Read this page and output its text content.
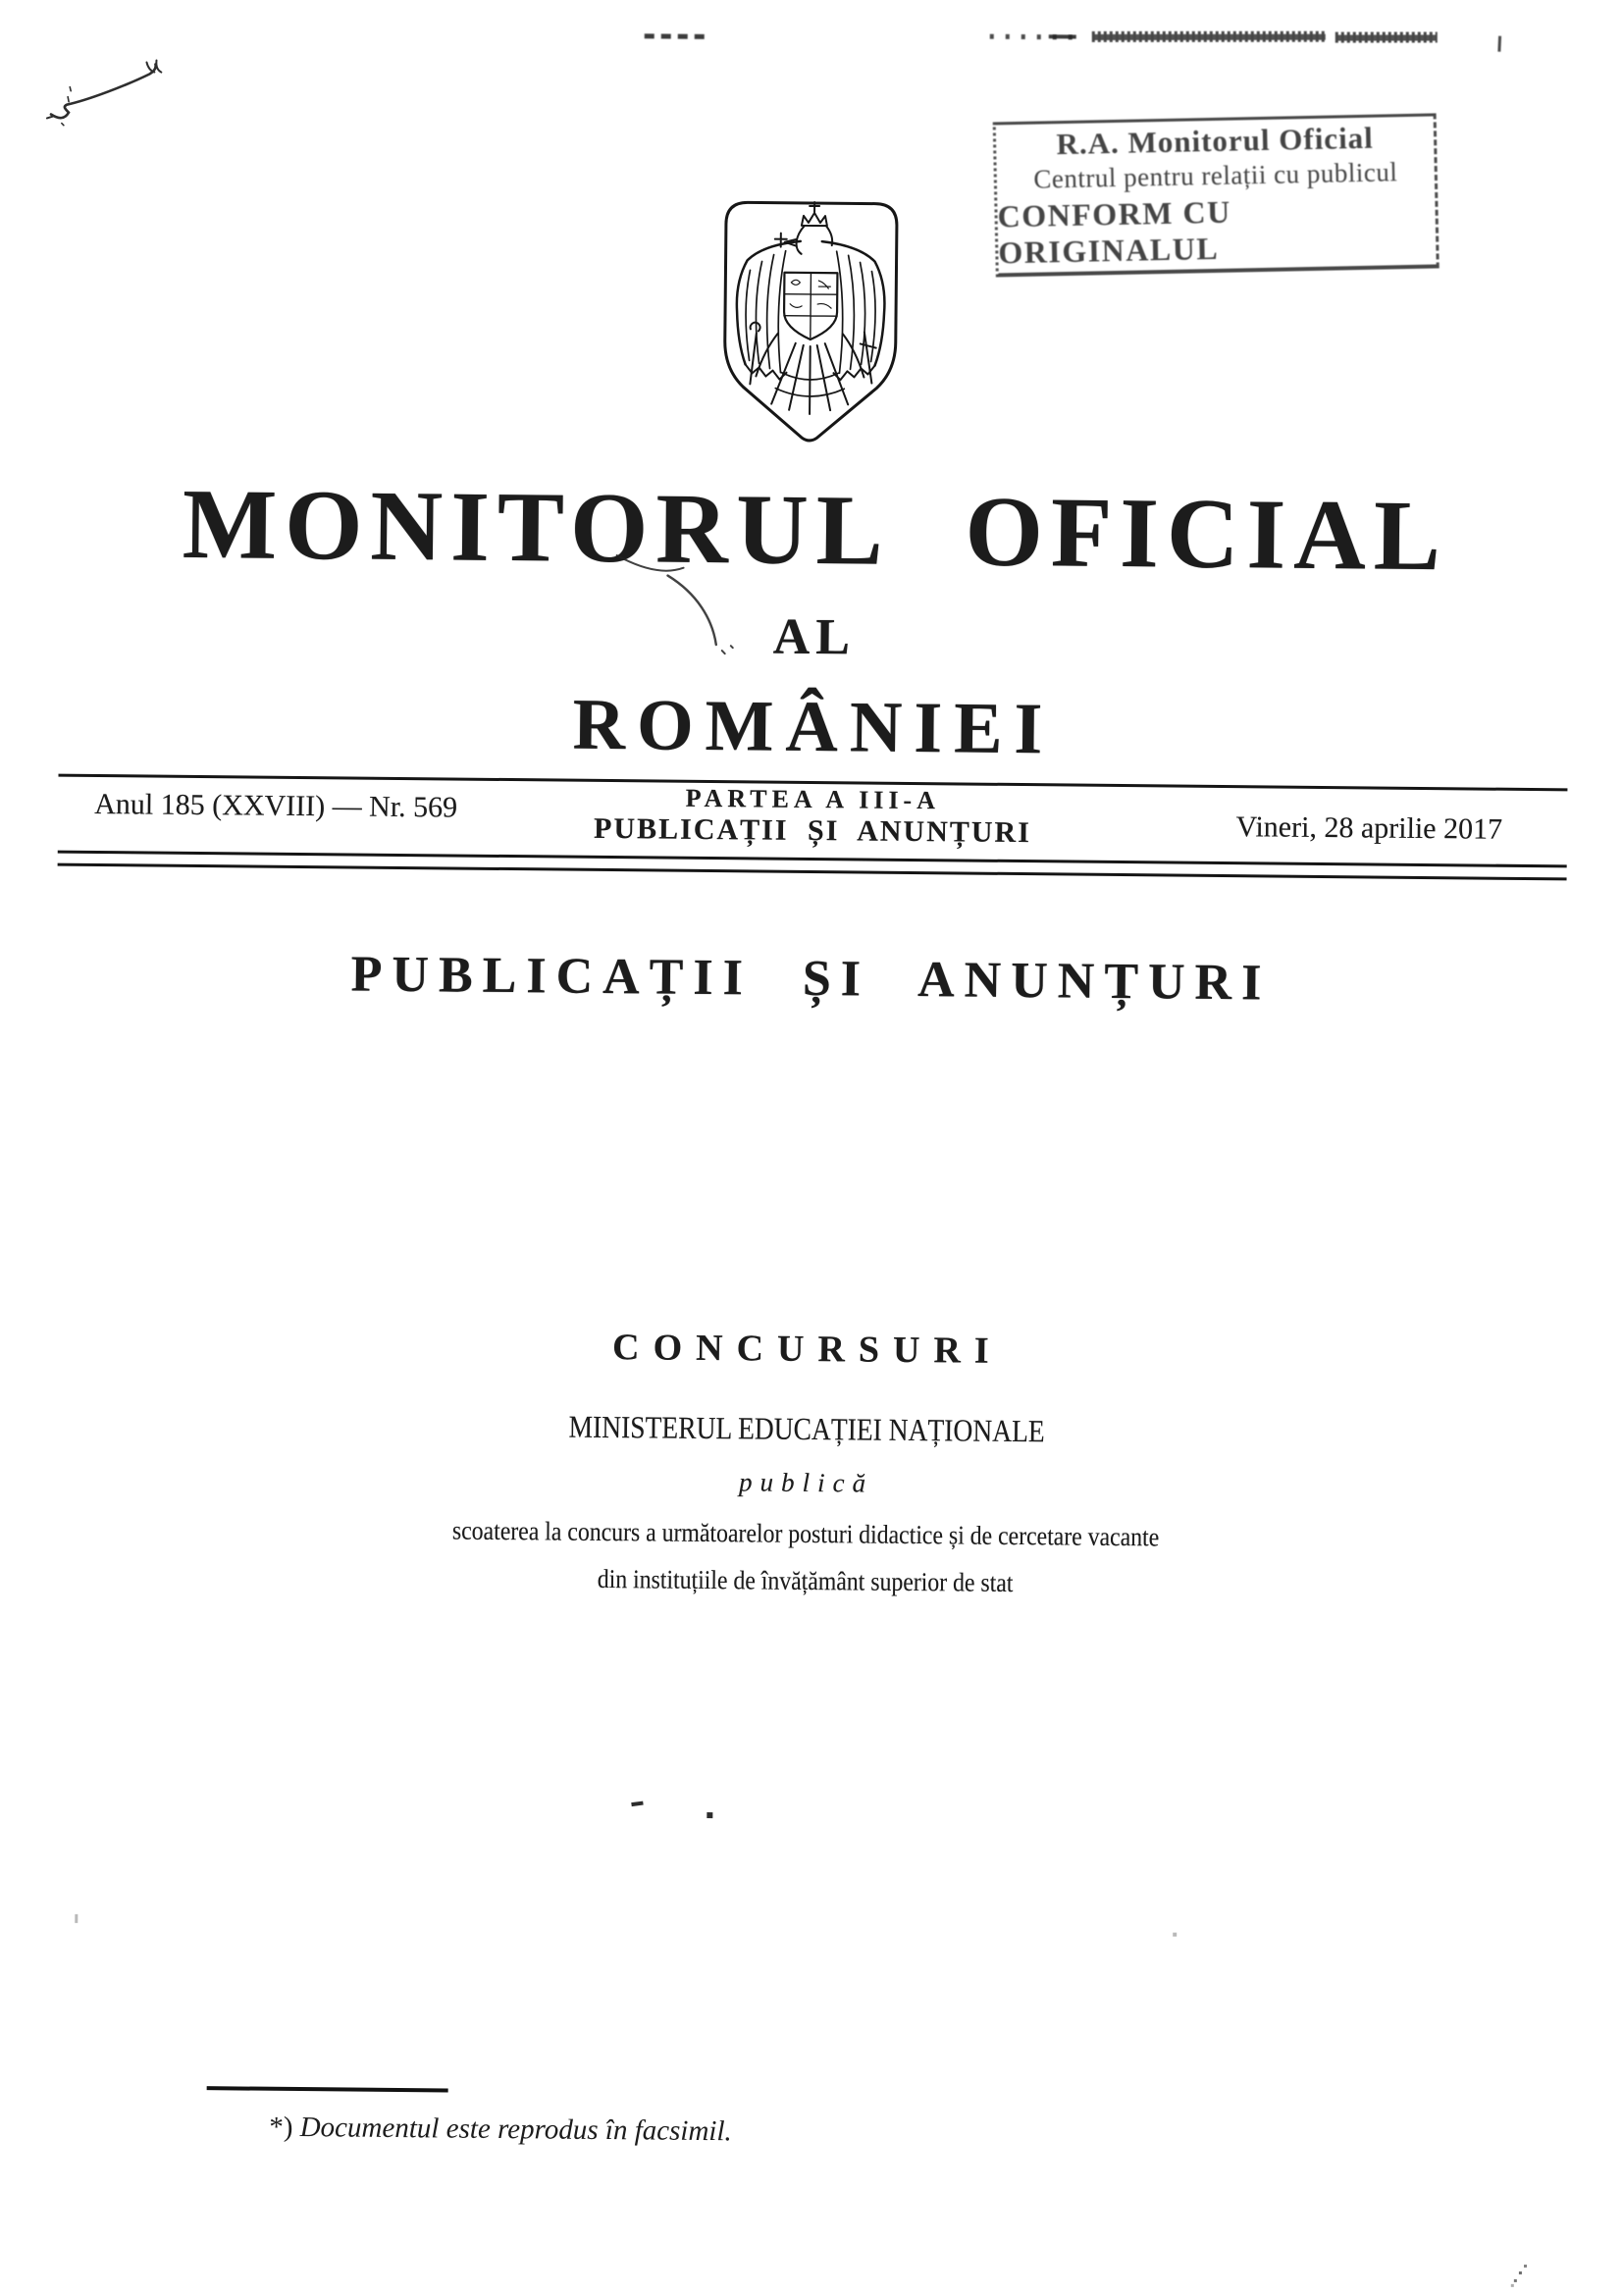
R.A. Monitorul Oficial
Centrul pentru relații cu publicul
CONFORM CU ORIGINALUL
MONITORUL OFICIAL
AL
ROMÂNIEI
Anul 185 (XXVIII) — Nr. 569	PARTEA A III-A
PUBLICAȚII ȘI ANUNȚURI	Vineri, 28 aprilie 2017
PUBLICAȚII ȘI ANUNȚURI
CONCURSURI
MINISTERUL EDUCAȚIEI NAȚIONALE
publică
scoaterea la concurs a următoarelor posturi didactice și de cercetare vacante
din instituțiile de învățământ superior de stat
*) Documentul este reprodus în facsimil.
